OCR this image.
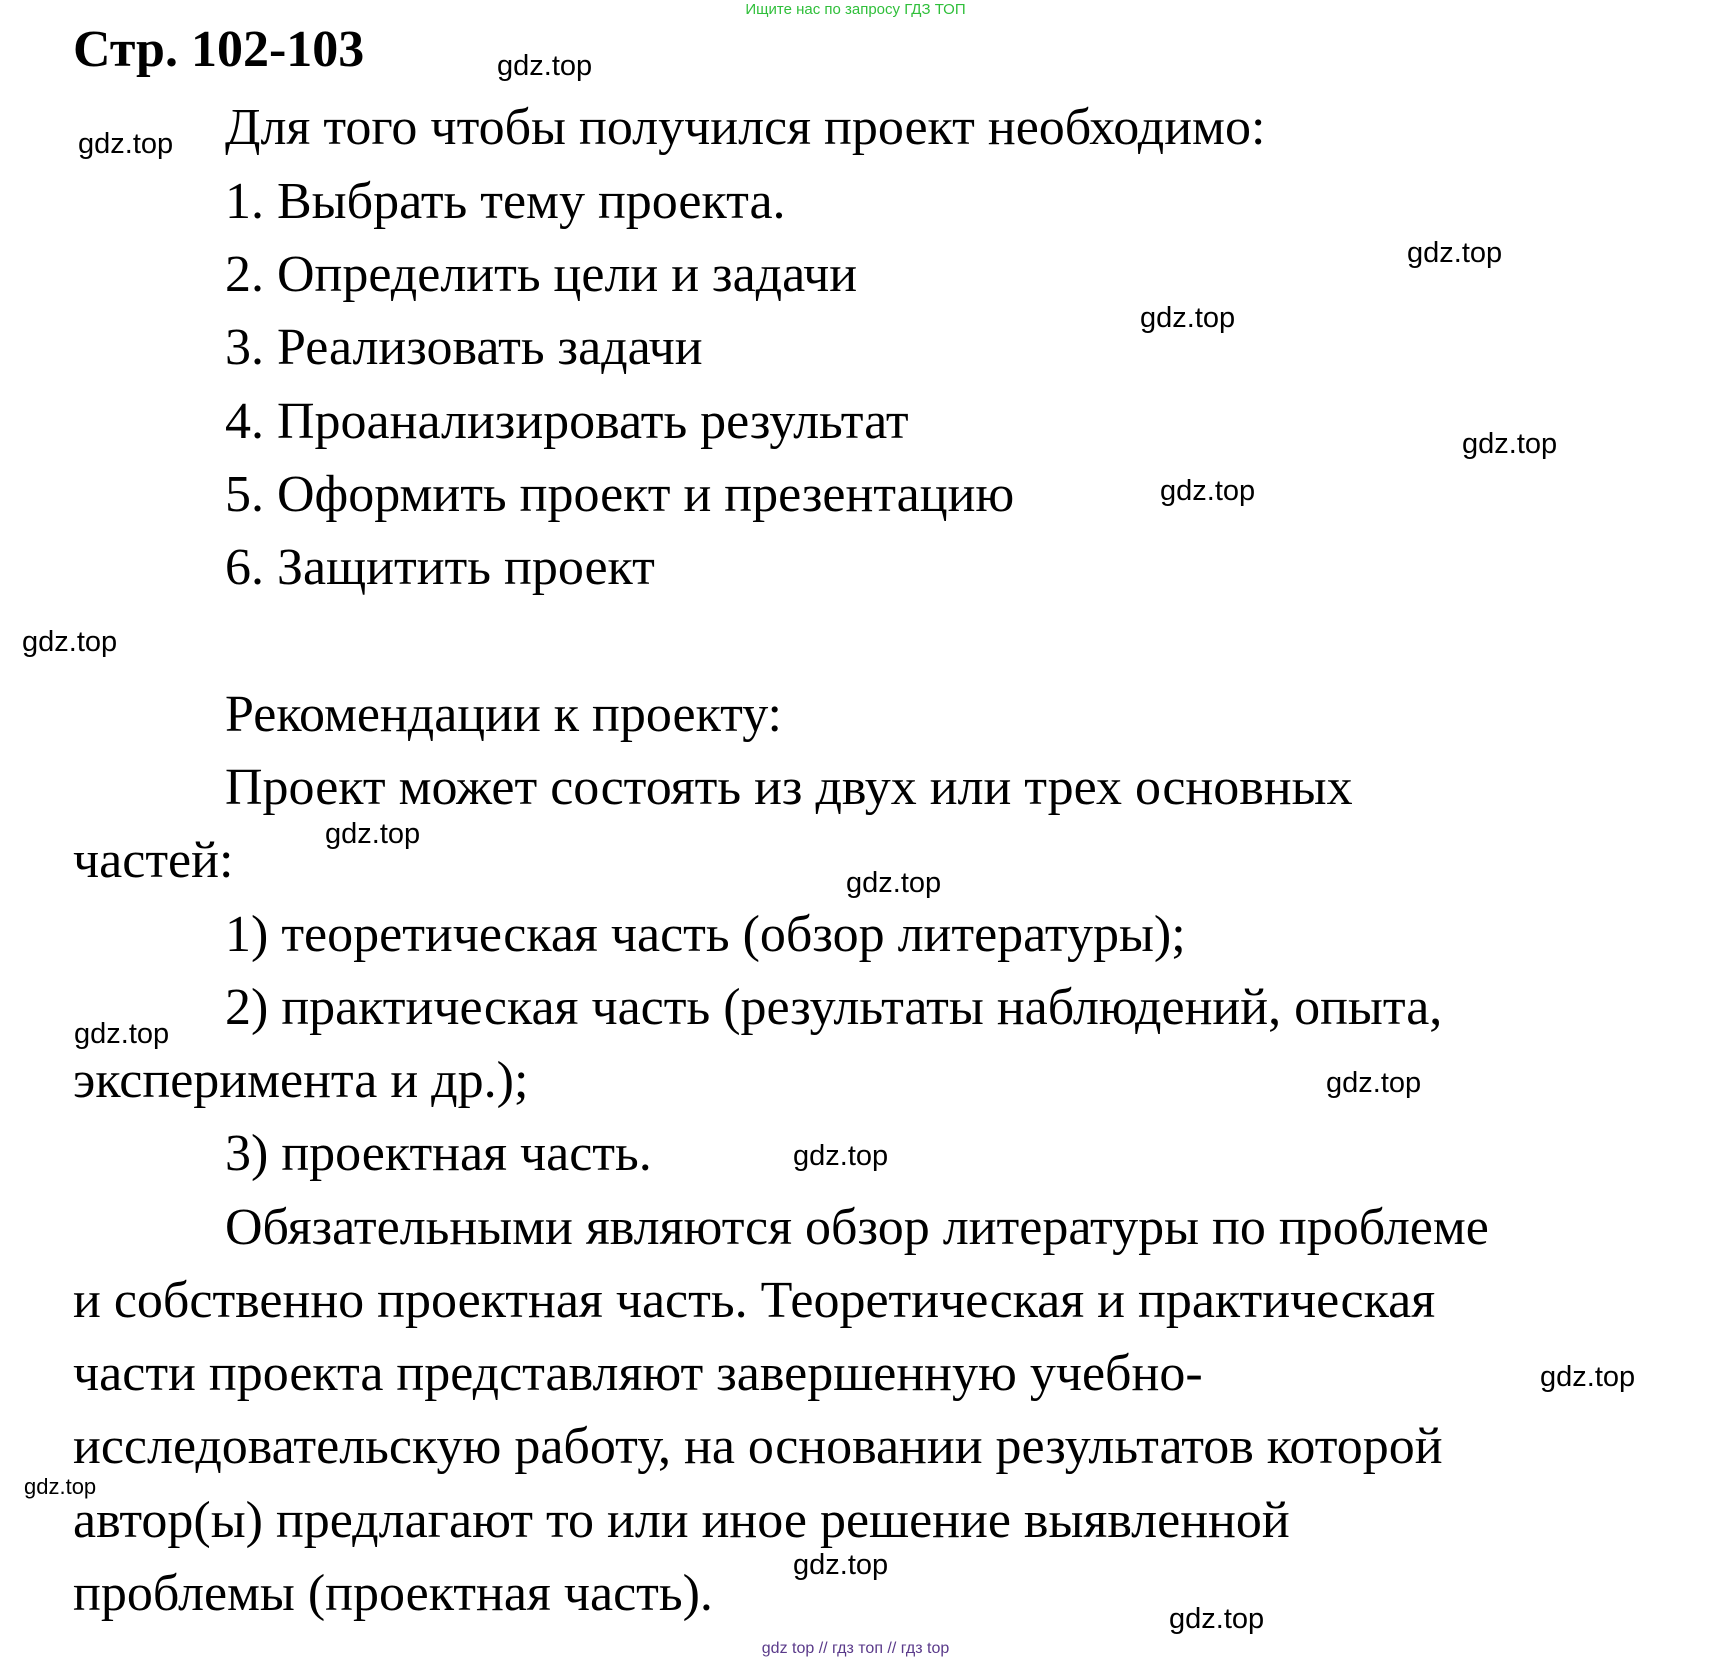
Ищите нас по запросу ГДЗ ТОП
Стр. 102-103
Для того чтобы получился проект необходимо:
1. Выбрать тему проекта.
2. Определить цели и задачи
3. Реализовать задачи
4. Проанализировать результат
5. Оформить проект и презентацию
6. Защитить проект
Рекомендации к проекту:
Проект может состоять из двух или трех основных
частей:
1) теоретическая часть (обзор литературы);
2) практическая часть (результаты наблюдений, опыта,
эксперимента и др.);
3) проектная часть.
Обязательными являются обзор литературы по проблеме
и собственно проектная часть. Теоретическая и практическая
части проекта представляют завершенную учебно-
исследовательскую работу, на основании результатов которой
автор(ы) предлагают то или иное решение выявленной
проблемы (проектная часть).
gdz.top
gdz.top
gdz.top
gdz.top
gdz.top
gdz.top
gdz.top
gdz.top
gdz.top
gdz.top
gdz.top
gdz.top
gdz.top
gdz.top
gdz.top
gdz.top
gdz top // гдз топ // гдз top
